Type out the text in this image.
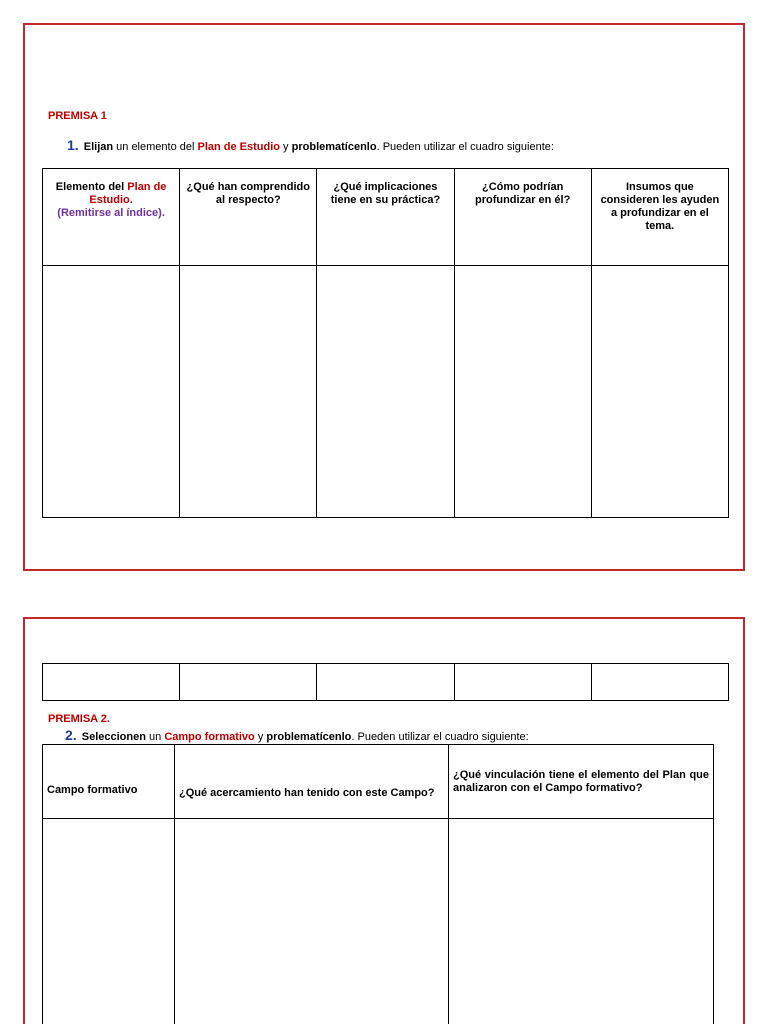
PREMISA 1
1. Elijan un elemento del Plan de Estudio y problematícenlo. Pueden utilizar el cuadro siguiente:
Elemento del Plan de Estudio.
(Remitirse al índice).	¿Qué han comprendido al respecto?	¿Qué implicaciones tiene en su práctica?	¿Cómo podrían profundizar en él?	Insumos que consideren les ayuden a profundizar en el tema.

PREMISA 2.
2. Seleccionen un Campo formativo y problematícenlo. Pueden utilizar el cuadro siguiente:
Campo formativo	¿Qué acercamiento han tenido con este Campo?	¿Qué vinculación tiene el elemento del Plan que analizaron con el Campo formativo?
